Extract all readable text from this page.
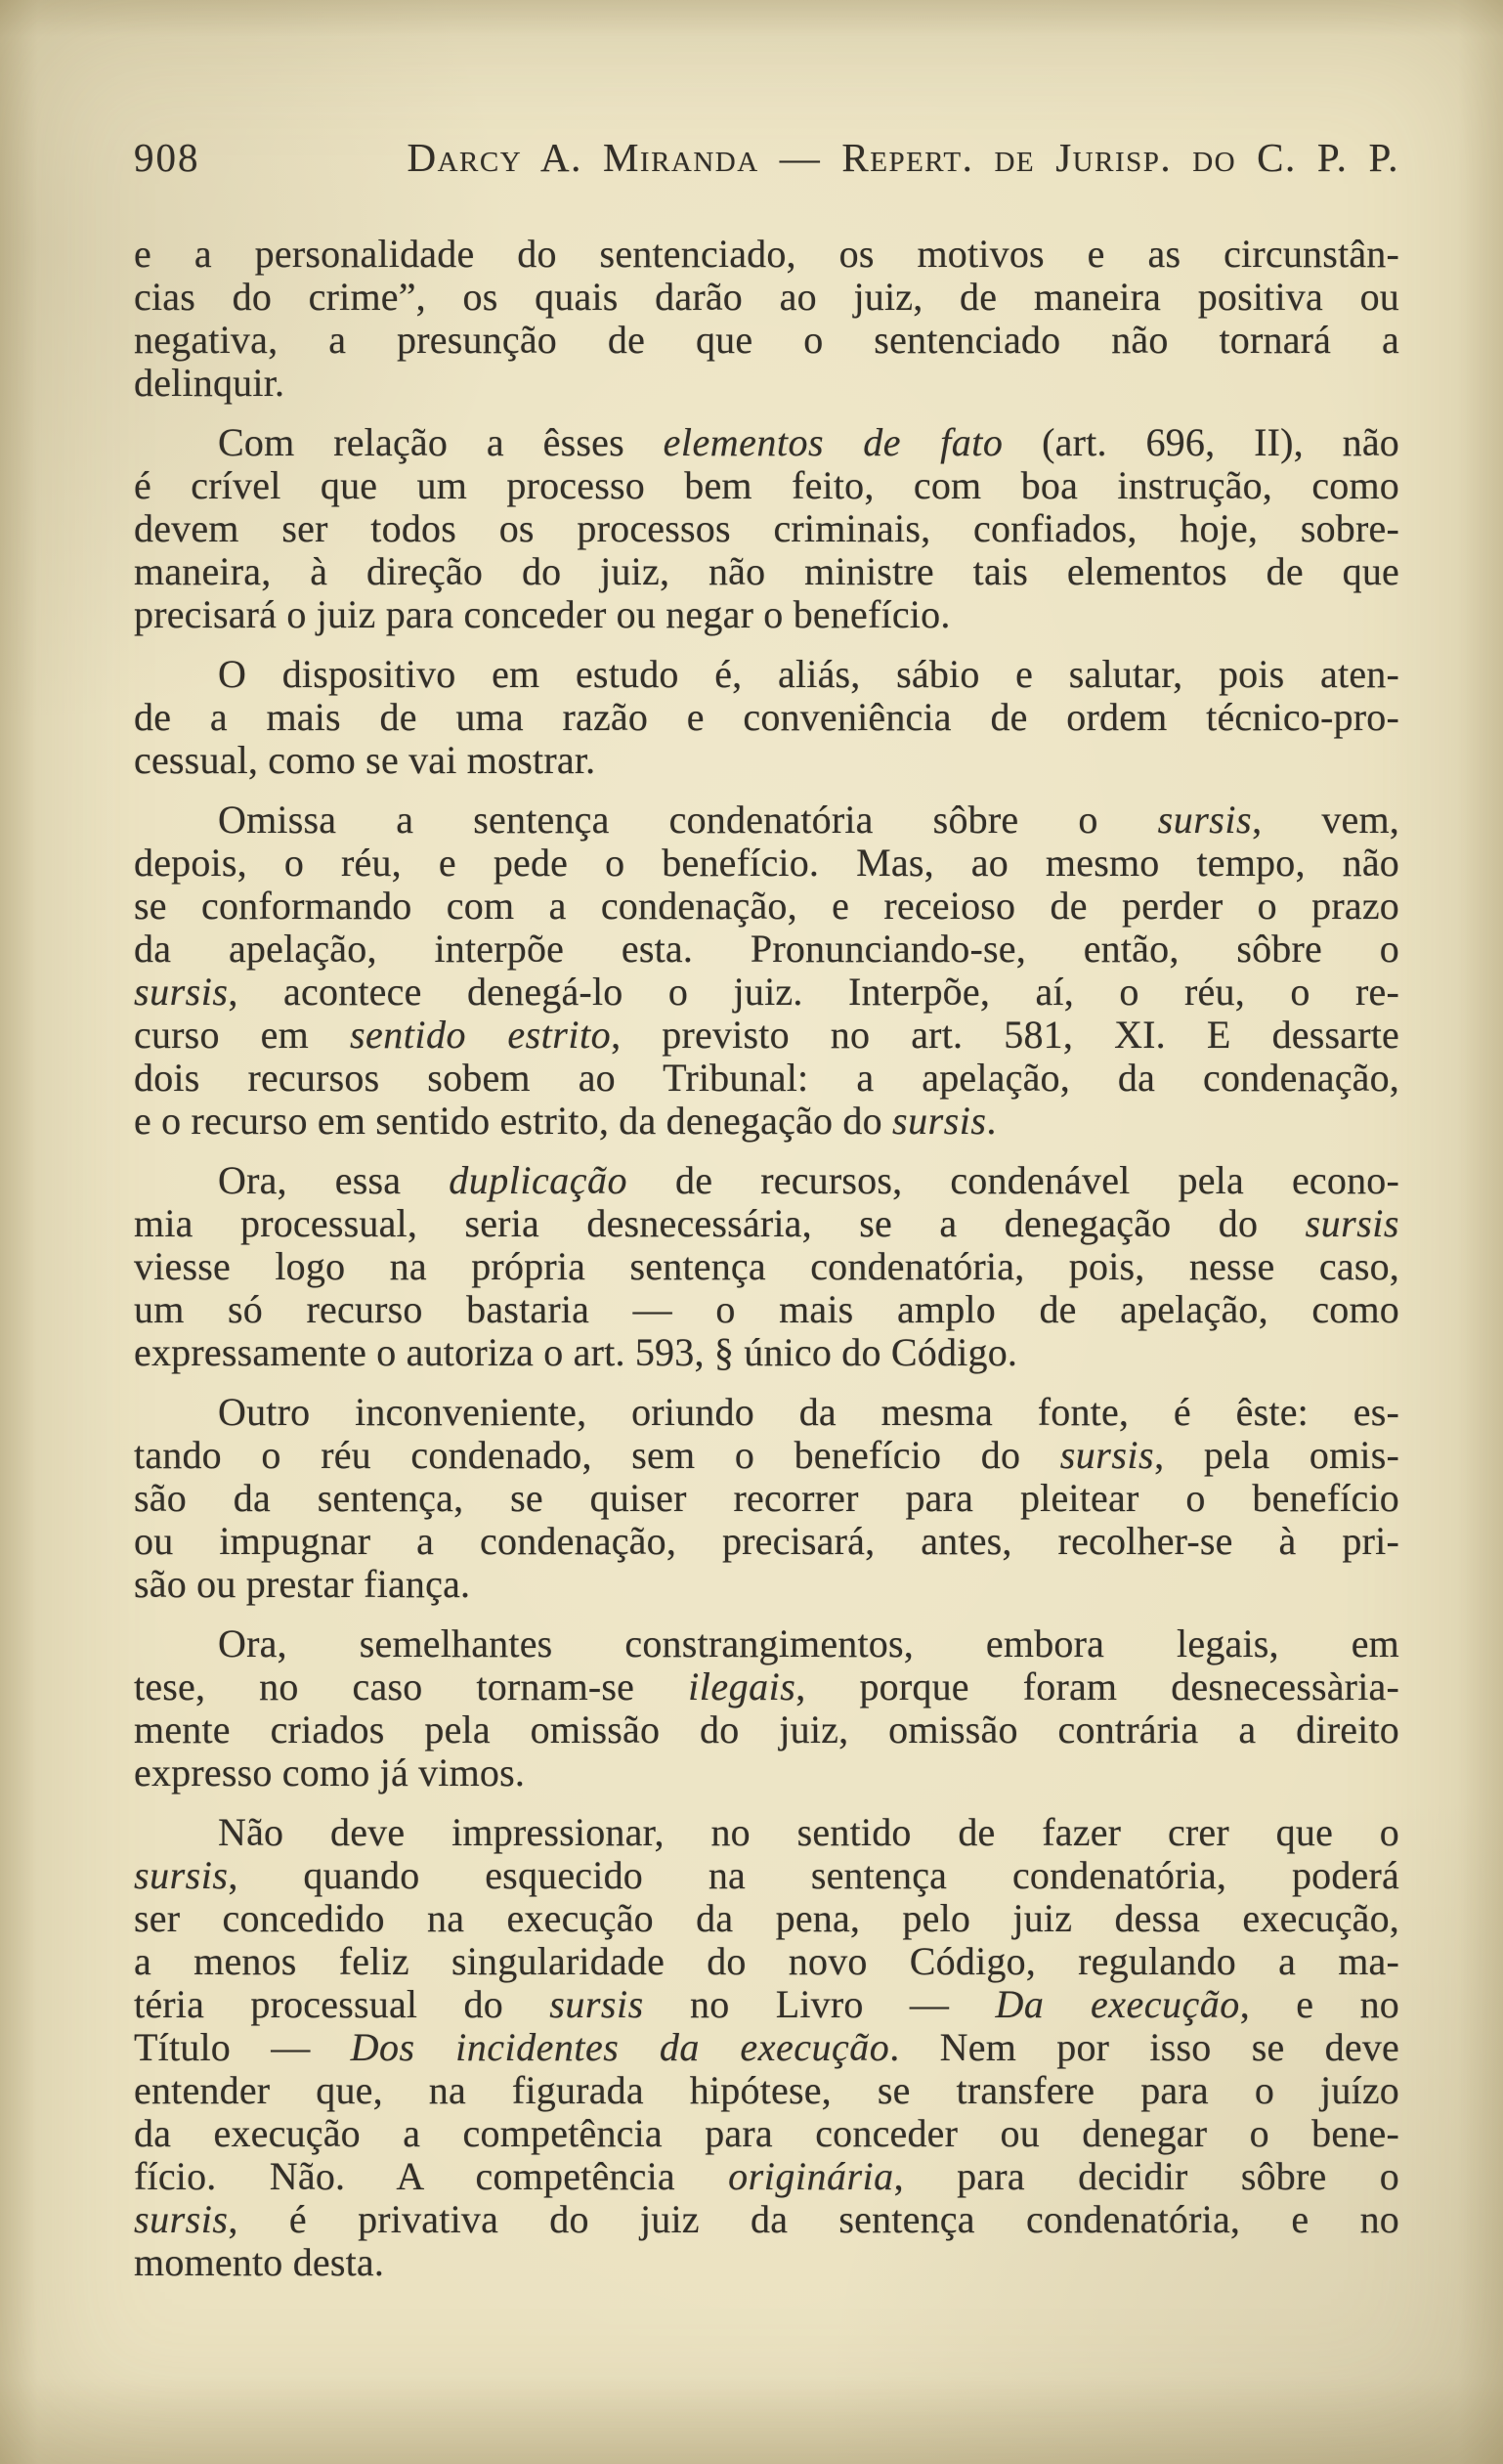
908	Darcy A. Miranda — Repert. de Jurisp. do C. P. P.
e a personalidade do sentenciado, os motivos e as circunstân-
cias do crime”, os quais darão ao juiz, de maneira positiva ou
negativa, a presunção de que o sentenciado não tornará a
delinquir.
Com relação a êsses elementos de fato (art. 696, II), não
é crível que um processo bem feito, com boa instrução, como
devem ser todos os processos criminais, confiados, hoje, sobre-
maneira, à direção do juiz, não ministre tais elementos de que
precisará o juiz para conceder ou negar o benefício.
O dispositivo em estudo é, aliás, sábio e salutar, pois aten-
de a mais de uma razão e conveniência de ordem técnico-pro-
cessual, como se vai mostrar.
Omissa a sentença condenatória sôbre o sursis, vem,
depois, o réu, e pede o benefício. Mas, ao mesmo tempo, não
se conformando com a condenação, e receioso de perder o prazo
da apelação, interpõe esta. Pronunciando-se, então, sôbre o
sursis, acontece denegá-lo o juiz. Interpõe, aí, o réu, o re-
curso em sentido estrito, previsto no art. 581, XI. E dessarte
dois recursos sobem ao Tribunal: a apelação, da condenação,
e o recurso em sentido estrito, da denegação do sursis.
Ora, essa duplicação de recursos, condenável pela econo-
mia processual, seria desnecessária, se a denegação do sursis
viesse logo na própria sentença condenatória, pois, nesse caso,
um só recurso bastaria — o mais amplo de apelação, como
expressamente o autoriza o art. 593, § único do Código.
Outro inconveniente, oriundo da mesma fonte, é êste: es-
tando o réu condenado, sem o benefício do sursis, pela omis-
são da sentença, se quiser recorrer para pleitear o benefício
ou impugnar a condenação, precisará, antes, recolher-se à pri-
são ou prestar fiança.
Ora, semelhantes constrangimentos, embora legais, em
tese, no caso tornam-se ilegais, porque foram desnecessària-
mente criados pela omissão do juiz, omissão contrária a direito
expresso como já vimos.
Não deve impressionar, no sentido de fazer crer que o
sursis, quando esquecido na sentença condenatória, poderá
ser concedido na execução da pena, pelo juiz dessa execução,
a menos feliz singularidade do novo Código, regulando a ma-
téria processual do sursis no Livro — Da execução, e no
Título — Dos incidentes da execução. Nem por isso se deve
entender que, na figurada hipótese, se transfere para o juízo
da execução a competência para conceder ou denegar o bene-
fício. Não. A competência originária, para decidir sôbre o
sursis, é privativa do juiz da sentença condenatória, e no
momento desta.
